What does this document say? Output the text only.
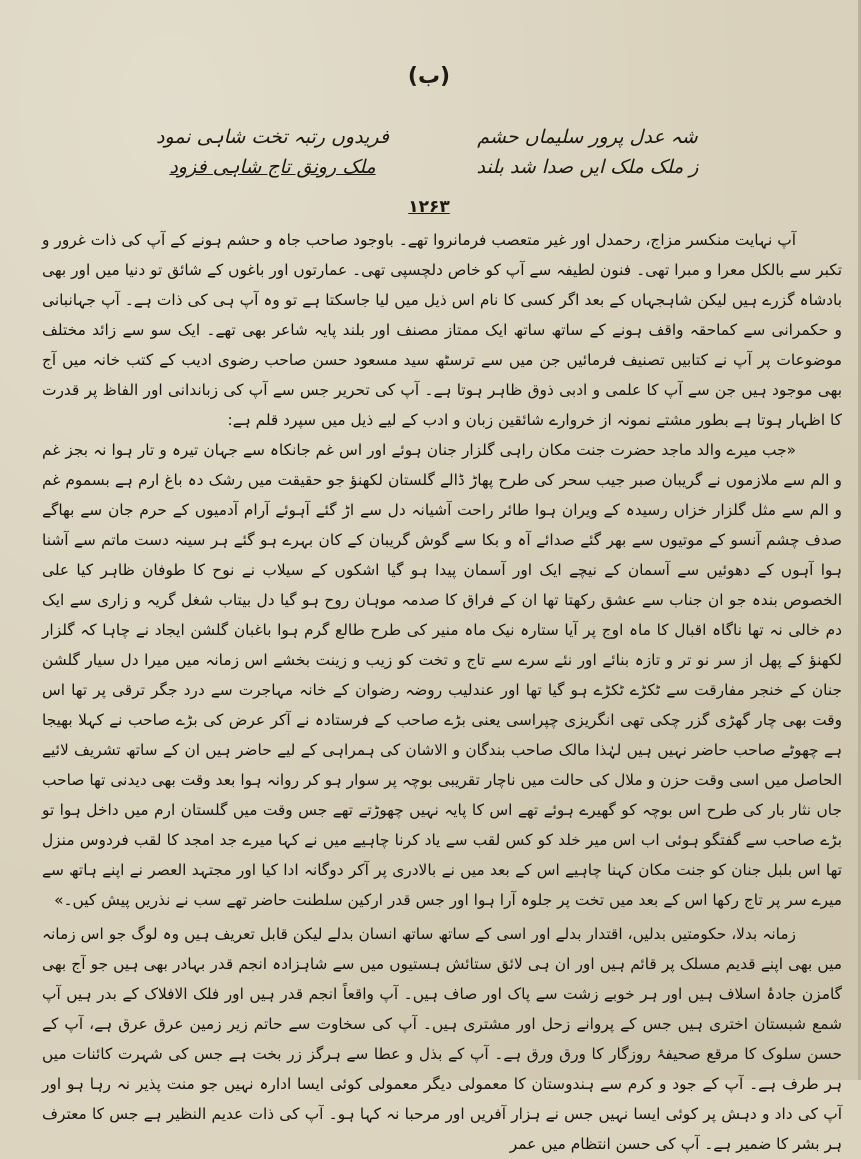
(ب)
شہ عدل پرور سلیماں حشم
فریدوں رتبہ تخت شاہی نمود
ز ملک ملک ایں صدا شد بلند
ملک رونق تاج شاہی فزود
۱۲۶۳

آپ نہایت منکسر مزاج، رحمدل اور غیر متعصب فرمانروا تھے۔ باوجود صاحب جاہ و حشم ہونے کے آپ کی ذات غرور و تکبر سے بالکل معرا و مبرا تھی۔ فنون لطیفہ سے آپ کو خاص دلچسپی تھی۔ عمارتوں اور باغوں کے شائق تو دنیا میں اور بھی بادشاہ گزرے ہیں لیکن شاہجہاں کے بعد اگر کسی کا نام اس ذیل میں لیا جاسکتا ہے تو وہ آپ ہی کی ذات ہے۔ آپ جہانبانی و حکمرانی سے کماحقہ واقف ہونے کے ساتھ ساتھ ایک ممتاز مصنف اور بلند پایہ شاعر بھی تھے۔ ایک سو سے زائد مختلف موضوعات پر آپ نے کتابیں تصنیف فرمائیں جن میں سے ترسٹھ سید مسعود حسن صاحب رضوی ادیب کے کتب خانہ میں آج بھی موجود ہیں جن سے آپ کا علمی و ادبی ذوق ظاہر ہوتا ہے۔ آپ کی تحریر جس سے آپ کی زباندانی اور الفاظ پر قدرت کا اظہار ہوتا ہے بطور مشتے نمونہ از خروارے شائقین زبان و ادب کے لیے ذیل میں سپرد قلم ہے:

«جب میرے والد ماجد حضرت جنت مکان راہی گلزار جنان ہوئے اور اس غم جانکاہ سے جہان تیرہ و تار ہوا نہ بجز غم و الم سے ملازموں نے گریبان صبر جیب سحر کی طرح پھاڑ ڈالے گلستان لکھنؤ جو حقیقت میں رشک دہ باغ ارم ہے بسموم غم و الم سے مثل گلزار خزاں رسیدہ کے ویران ہوا طائر راحت آشیانہ دل سے اڑ گئے آہوئے آرام آدمیوں کے حرم جان سے بھاگے صدف چشم آنسو کے موتیوں سے بھر گئے صدائے آہ و بکا سے گوش گریبان کے کان بہرے ہو گئے ہر سینہ دست ماتم سے آشنا ہوا آہوں کے دھوئیں سے آسمان کے نیچے ایک اور آسمان پیدا ہو گیا اشکوں کے سیلاب نے نوح کا طوفان ظاہر کیا علی الخصوص بندہ جو ان جناب سے عشق رکھتا تھا ان کے فراق کا صدمہ موہان روح ہو گیا دل بیتاب شغل گریہ و زاری سے ایک دم خالی نہ تھا ناگاہ اقبال کا ماہ اوج پر آیا ستارہ نیک ماہ منیر کی طرح طالع گرم ہوا باغبان گلشن ایجاد نے چاہا کہ گلزار لکھنؤ کے پھل از سر نو تر و تازہ بنائے اور نئے سرے سے تاج و تخت کو زیب و زینت بخشے اس زمانہ میں میرا دل سیار گلشن جنان کے خنجر مفارقت سے ٹکڑے ٹکڑے ہو گیا تھا اور عندلیب روضہ رضوان کے خانہ مہاجرت سے درد جگر ترقی پر تھا اس وقت بھی چار گھڑی گزر چکی تھی انگریزی چپراسی یعنی بڑے صاحب کے فرستادہ نے آکر عرض کی بڑے صاحب نے کہلا بھیجا ہے چھوٹے صاحب حاضر نہیں ہیں لہٰذا مالک صاحب بندگان و الاشان کی ہمراہی کے لیے حاضر ہیں ان کے ساتھ تشریف لائیے الحاصل میں اسی وقت حزن و ملال کی حالت میں ناچار تقریبی بوچہ پر سوار ہو کر روانہ ہوا بعد وقت بھی دیدنی تھا صاحب جاں نثار بار کی طرح اس بوچہ کو گھیرے ہوئے تھے اس کا پایہ نہیں چھوڑتے تھے جس وقت میں گلستان ارم میں داخل ہوا تو بڑے صاحب سے گفتگو ہوئی اب اس میر خلد کو کس لقب سے یاد کرنا چاہیے میں نے کہا میرے جد امجد کا لقب فردوس منزل تھا اس بلبل جنان کو جنت مکان کہنا چاہیے اس کے بعد میں نے بالادری پر آکر دوگانہ ادا کیا اور مجتہد العصر نے اپنے ہاتھ سے میرے سر پر تاج رکھا اس کے بعد میں تخت پر جلوہ آرا ہوا اور جس قدر ارکین سلطنت حاضر تھے سب نے نذریں پیش کیں۔»

زمانہ بدلا، حکومتیں بدلیں، اقتدار بدلے اور اسی کے ساتھ ساتھ انسان بدلے لیکن قابل تعریف ہیں وہ لوگ جو اس زمانہ میں بھی اپنے قدیم مسلک پر قائم ہیں اور ان ہی لائق ستائش ہستیوں میں سے شاہزادہ انجم قدر بہادر بھی ہیں جو آج بھی گامزن جادۂ اسلاف ہیں اور ہر خوبے زشت سے پاک اور صاف ہیں۔ آپ واقعاً انجم قدر ہیں اور فلک الافلاک کے بدر ہیں آپ شمع شبستان اختری ہیں جس کے پروانے زحل اور مشتری ہیں۔ آپ کی سخاوت سے حاتم زیر زمین عرق عرق ہے، آپ کے حسن سلوک کا مرقع صحیفۂ روزگار کا ورق ورق ہے۔ آپ کے بذل و عطا سے ہرگز زر بخت ہے جس کی شہرت کائنات میں ہر طرف ہے۔ آپ کے جود و کرم سے ہندوستان کا معمولی دیگر معمولی کوئی ایسا ادارہ نہیں جو منت پذیر نہ رہا ہو اور آپ کی داد و دہش پر کوئی ایسا نہیں جس نے ہزار آفریں اور مرحبا نہ کہا ہو۔ آپ کی ذات عدیم النظیر ہے جس کا معترف ہر بشر کا ضمیر ہے۔ آپ کی حسن انتظام میں عمر
